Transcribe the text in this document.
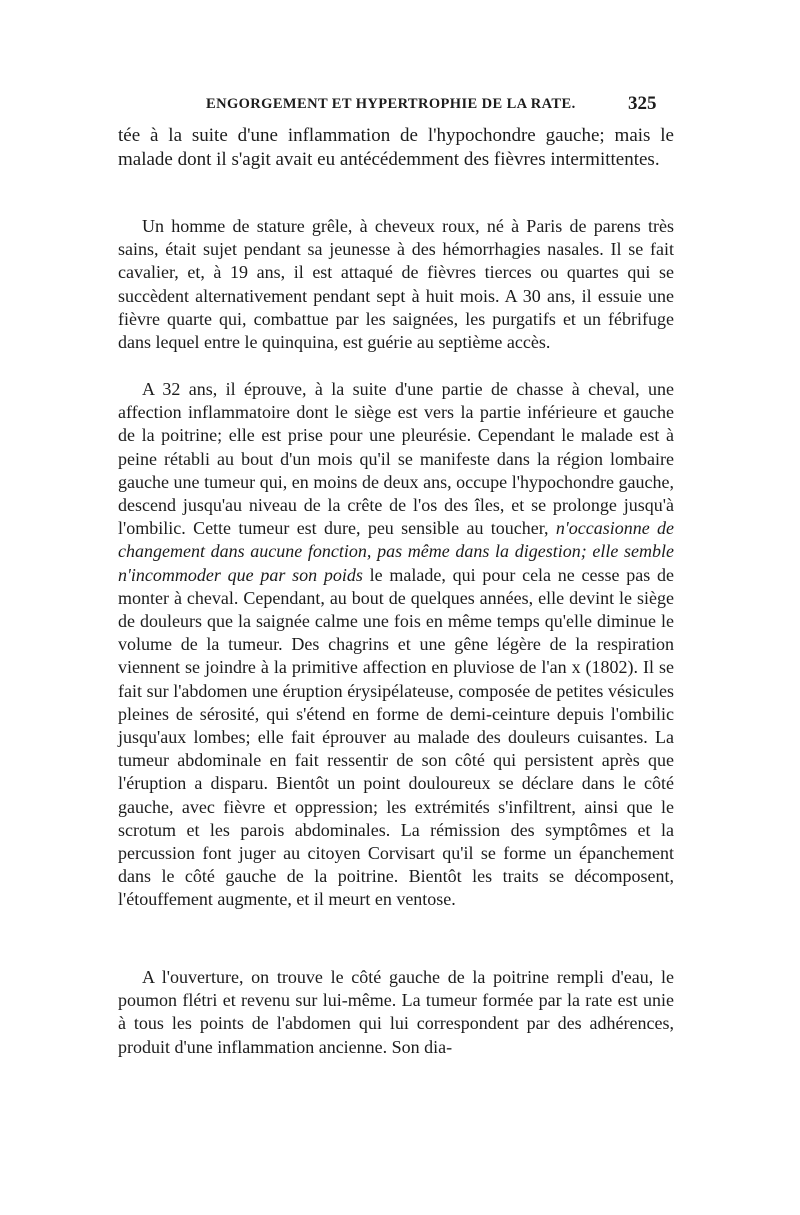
ENGORGEMENT ET HYPERTROPHIE DE LA RATE.	325

tée à la suite d'une inflammation de l'hypochondre gauche; mais le malade dont il s'agit avait eu antécédemment des fièvres intermittentes.

Un homme de stature grêle, à cheveux roux, né à Paris de parens très sains, était sujet pendant sa jeunesse à des hémorrhagies nasales. Il se fait cavalier, et, à 19 ans, il est attaqué de fièvres tierces ou quartes qui se succèdent alternativement pendant sept à huit mois. A 30 ans, il essuie une fièvre quarte qui, combattue par les saignées, les purgatifs et un fébrifuge dans lequel entre le quinquina, est guérie au septième accès.

A 32 ans, il éprouve, à la suite d'une partie de chasse à cheval, une affection inflammatoire dont le siège est vers la partie inférieure et gauche de la poitrine; elle est prise pour une pleurésie. Cependant le malade est à peine rétabli au bout d'un mois qu'il se manifeste dans la région lombaire gauche une tumeur qui, en moins de deux ans, occupe l'hypochondre gauche, descend jusqu'au niveau de la crête de l'os des îles, et se prolonge jusqu'à l'ombilic. Cette tumeur est dure, peu sensible au toucher, n'occasionne de changement dans aucune fonction, pas même dans la digestion; elle semble n'incommoder que par son poids le malade, qui pour cela ne cesse pas de monter à cheval. Cependant, au bout de quelques années, elle devint le siège de douleurs que la saignée calme une fois en même temps qu'elle diminue le volume de la tumeur. Des chagrins et une gêne légère de la respiration viennent se joindre à la primitive affection en pluviose de l'an x (1802). Il se fait sur l'abdomen une éruption érysipélateuse, composée de petites vésicules pleines de sérosité, qui s'étend en forme de demi-ceinture depuis l'ombilic jusqu'aux lombes; elle fait éprouver au malade des douleurs cuisantes. La tumeur abdominale en fait ressentir de son côté qui persistent après que l'éruption a disparu. Bientôt un point douloureux se déclare dans le côté gauche, avec fièvre et oppression; les extrémités s'infiltrent, ainsi que le scrotum et les parois abdominales. La rémission des symptômes et la percussion font juger au citoyen Corvisart qu'il se forme un épanchement dans le côté gauche de la poitrine. Bientôt les traits se décomposent, l'étouffement augmente, et il meurt en ventose.

A l'ouverture, on trouve le côté gauche de la poitrine rempli d'eau, le poumon flétri et revenu sur lui-même. La tumeur formée par la rate est unie à tous les points de l'abdomen qui lui correspondent par des adhérences, produit d'une inflammation ancienne. Son dia-
